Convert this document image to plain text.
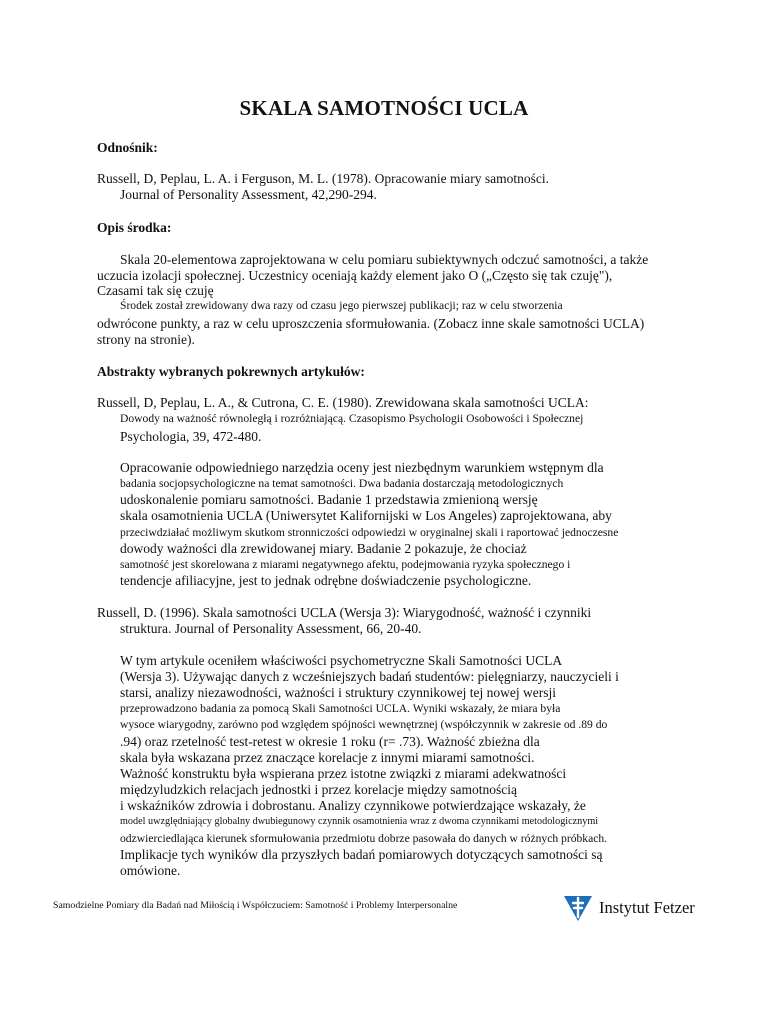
SKALA SAMOTNOŚCI UCLA
Odnośnik:
Russell, D, Peplau, L. A. i Ferguson, M. L. (1978). Opracowanie miary samotności.
Journal of Personality Assessment, 42,290-294.
Opis środka:
Skala 20-elementowa zaprojektowana w celu pomiaru subiektywnych odczuć samotności, a także
uczucia izolacji społecznej. Uczestnicy oceniają każdy element jako O („Często się tak czuję"),
Czasami tak się czuję
Środek został zrewidowany dwa razy od czasu jego pierwszej publikacji; raz w celu stworzenia
odwrócone punkty, a raz w celu uproszczenia sformułowania. (Zobacz inne skale samotności UCLA)
strony na stronie).
Abstrakty wybranych pokrewnych artykułów:
Russell, D, Peplau, L. A., & Cutrona, C. E. (1980). Zrewidowana skala samotności UCLA:
Dowody na ważność równoległą i rozróżniającą. Czasopismo Psychologii Osobowości i Społecznej
Psychologia, 39, 472-480.
Opracowanie odpowiedniego narzędzia oceny jest niezbędnym warunkiem wstępnym dla
badania socjopsychologiczne na temat samotności. Dwa badania dostarczają metodologicznych
udoskonalenie pomiaru samotności. Badanie 1 przedstawia zmienioną wersję
skala osamotnienia UCLA (Uniwersytet Kalifornijski w Los Angeles) zaprojektowana, aby
przeciwdziałać możliwym skutkom stronniczości odpowiedzi w oryginalnej skali i raportować jednoczesne
dowody ważności dla zrewidowanej miary. Badanie 2 pokazuje, że chociaż
samotność jest skorelowana z miarami negatywnego afektu, podejmowania ryzyka społecznego i
tendencje afiliacyjne, jest to jednak odrębne doświadczenie psychologiczne.
Russell, D. (1996). Skala samotności UCLA (Wersja 3): Wiarygodność, ważność i czynniki
struktura. Journal of Personality Assessment, 66, 20-40.
W tym artykule oceniłem właściwości psychometryczne Skali Samotności UCLA
(Wersja 3). Używając danych z wcześniejszych badań studentów: pielęgniarzy, nauczycieli i
starsi, analizy niezawodności, ważności i struktury czynnikowej tej nowej wersji
przeprowadzono badania za pomocą Skali Samotności UCLA. Wyniki wskazały, że miara była
wysoce wiarygodny, zarówno pod względem spójności wewnętrznej (współczynnik w zakresie od .89 do
.94) oraz rzetelność test-retest w okresie 1 roku (r= .73). Ważność zbieżna dla
skala była wskazana przez znaczące korelacje z innymi miarami samotności.
Ważność konstruktu była wspierana przez istotne związki z miarami adekwatności
międzyludzkich relacjach jednostki i przez korelacje między samotnością
i wskaźników zdrowia i dobrostanu. Analizy czynnikowe potwierdzające wskazały, że
model uwzględniający globalny dwubiegunowy czynnik osamotnienia wraz z dwoma czynnikami metodologicznymi
odzwierciedlająca kierunek sformułowania przedmiotu dobrze pasowała do danych w różnych próbkach.
Implikacje tych wyników dla przyszłych badań pomiarowych dotyczących samotności są
omówione.
Samodzielne Pomiary dla Badań nad Miłością i Współczuciem: Samotność i Problemy Interpersonalne	Instytut Fetzer
